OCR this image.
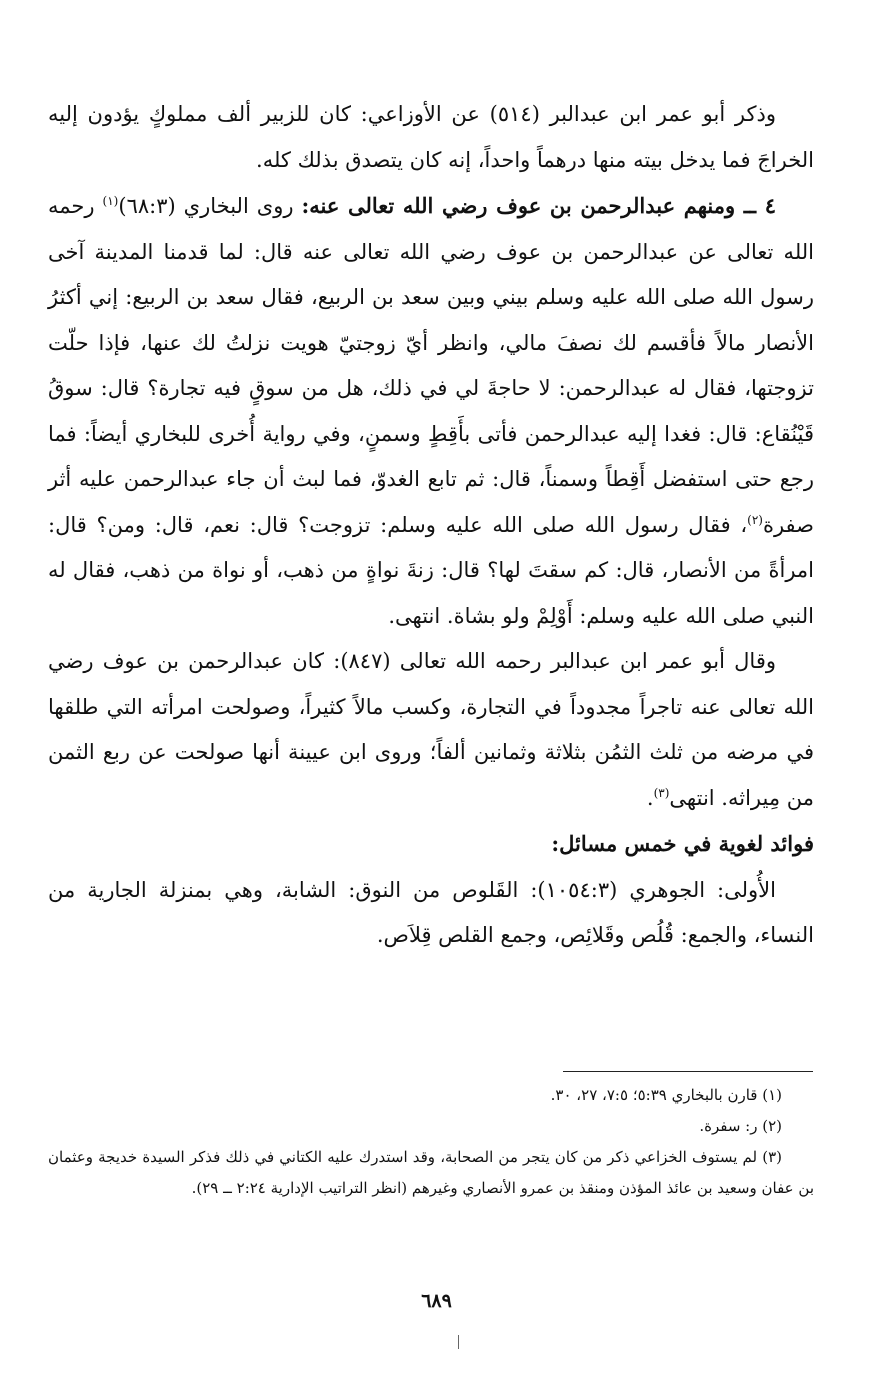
وذكر أبو عمر ابن عبدالبر (٥١٤) عن الأوزاعي: كان للزبير ألف مملوكٍ يؤدون إليه الخراجَ فما يدخل بيته منها درهماً واحداً، إنه كان يتصدق بذلك كله.

٤ ــ ومنهم عبدالرحمن بن عوف رضي الله تعالى عنه: روى البخاري (٦٨:٣)$^{(١)}$ رحمه الله تعالى عن عبدالرحمن بن عوف رضي الله تعالى عنه قال: لما قدمنا المدينة آخى رسول الله صلى الله عليه وسلم بيني وبين سعد بن الربيع، فقال سعد بن الربيع: إني أكثرُ الأنصار مالاً فأقسم لك نصفَ مالي، وانظر أيّ زوجتيّ هويت نزلتُ لك عنها، فإذا حلّت تزوجتها، فقال له عبدالرحمن: لا حاجةَ لي في ذلك، هل من سوقٍ فيه تجارة؟ قال: سوقُ قَيْنُقاع: قال: فغدا إليه عبدالرحمن فأتى بأَقِطٍ وسمنٍ، وفي رواية أُخرى للبخاري أيضاً: فما رجع حتى استفضل أَقِطاً وسمناً، قال: ثم تابع الغدوّ، فما لبث أن جاء عبدالرحمن عليه أثر صفرة$^{(٢)}$، فقال رسول الله صلى الله عليه وسلم: تزوجت؟ قال: نعم، قال: ومن؟ قال: امرأةً من الأنصار، قال: كم سقتَ لها؟ قال: زنةَ نواةٍ من ذهب، أو نواة من ذهب، فقال له النبي صلى الله عليه وسلم: أَوْلِمْ ولو بشاة. انتهى.

وقال أبو عمر ابن عبدالبر رحمه الله تعالى (٨٤٧): كان عبدالرحمن بن عوف رضي الله تعالى عنه تاجراً مجدوداً في التجارة، وكسب مالاً كثيراً، وصولحت امرأته التي طلقها في مرضه من ثلث الثمُن بثلاثة وثمانين ألفاً؛ وروى ابن عيينة أنها صولحت عن ربع الثمن من مِيراثه. انتهى$^{(٣)}$.

فوائد لغوية في خمس مسائل:

الأُولى: الجوهري (١٠٥٤:٣): القَلوص من النوق: الشابة، وهي بمنزلة الجارية من النساء، والجمع: قُلُص وقَلائِص، وجمع القلص قِلاَص.

(١) قارن بالبخاري ٥:٣٩؛ ٧:٥، ٢٧، ٣٠.

(٢) ر: سفرة.

(٣) لم يستوف الخزاعي ذكر من كان يتجر من الصحابة، وقد استدرك عليه الكتاني في ذلك فذكر السيدة خديجة وعثمان بن عفان وسعيد بن عائذ المؤذن ومنقذ بن عمرو الأنصاري وغيرهم (انظر التراتيب الإدارية ٢:٢٤ ــ ٢٩).

٦٨٩
